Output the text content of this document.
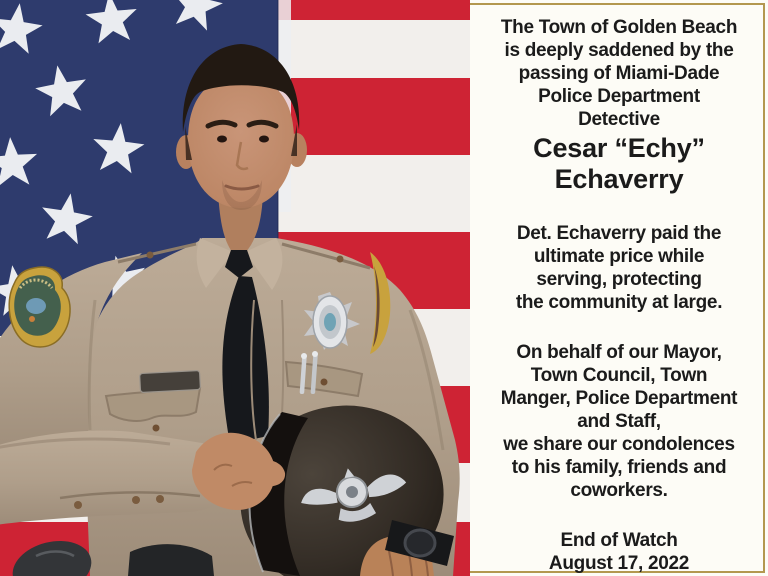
The Town of Golden Beach
is deeply saddened by the
passing of Miami-Dade
Police Department
Detective
Cesar “Echy”
Echaverry
Det. Echaverry paid the
ultimate price while
serving, protecting
the community at large.
On behalf of our Mayor,
Town Council, Town
Manger, Police Department
and Staff,
we share our condolences
to his family, friends and
coworkers.
End of Watch
August 17, 2022
